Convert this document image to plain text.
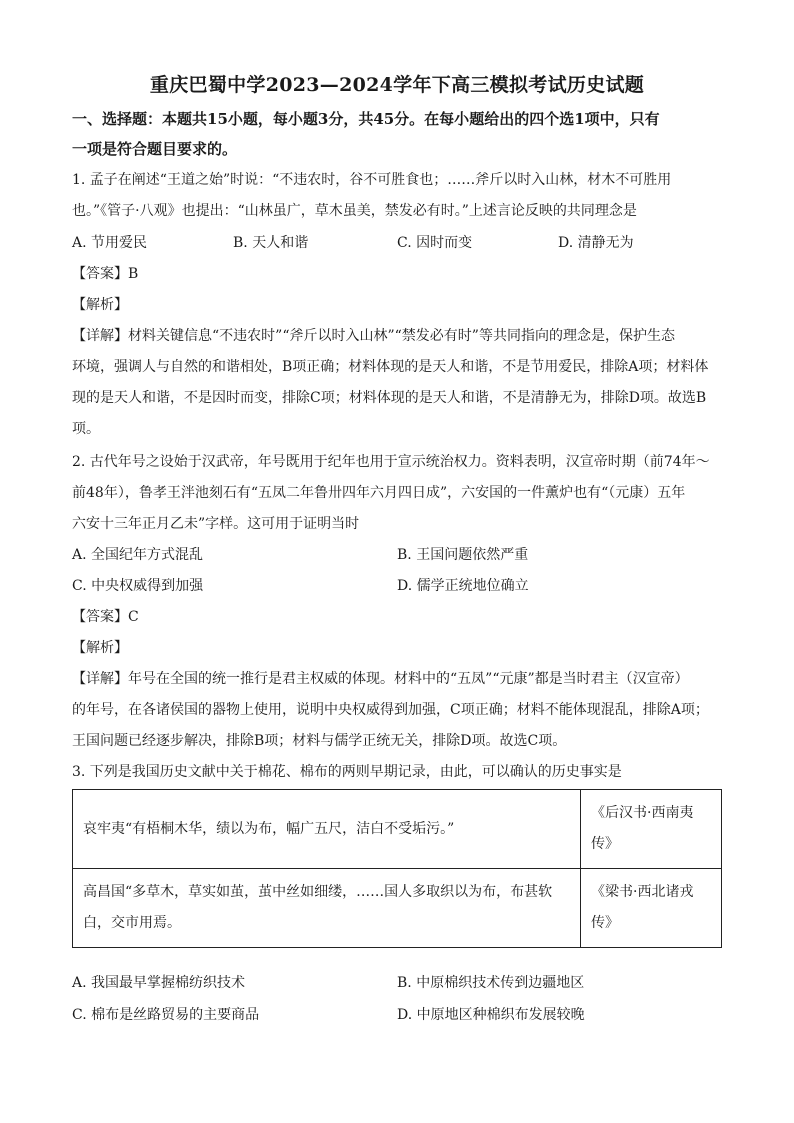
重庆巴蜀中学2023—2024学年下高三模拟考试历史试题
一、选择题：本题共15小题，每小题3分，共45分。在每小题给出的四个选1项中，只有
一项是符合题目要求的。
1. 孟子在阐述“王道之始”时说：“不违农时，谷不可胜食也；……斧斤以时入山林，材木不可胜用
也。”《管子·八观》也提出：“山林虽广，草木虽美，禁发必有时。”上述言论反映的共同理念是
A. 节用爱民	B. 天人和谐	C. 因时而变	D. 清静无为
【答案】B
【解析】
【详解】材料关键信息“不违农时”“斧斤以时入山林”“禁发必有时”等共同指向的理念是，保护生态
环境，强调人与自然的和谐相处，B项正确；材料体现的是天人和谐，不是节用爱民，排除A项；材料体
现的是天人和谐，不是因时而变，排除C项；材料体现的是天人和谐，不是清静无为，排除D项。故选B
项。
2. 古代年号之设始于汉武帝，年号既用于纪年也用于宣示统治权力。资料表明，汉宣帝时期（前74年～
前48年），鲁孝王泮池刻石有“五凤二年鲁卅四年六月四日成”，六安国的一件薰炉也有“（元康）五年
六安十三年正月乙未”字样。这可用于证明当时
A. 全国纪年方式混乱	B. 王国问题依然严重
C. 中央权威得到加强	D. 儒学正统地位确立
【答案】C
【解析】
【详解】年号在全国的统一推行是君主权威的体现。材料中的“五凤”“元康”都是当时君主（汉宣帝）
的年号，在各诸侯国的器物上使用，说明中央权威得到加强，C项正确；材料不能体现混乱，排除A项；
王国问题已经逐步解决，排除B项；材料与儒学正统无关，排除D项。故选C项。
3. 下列是我国历史文献中关于棉花、棉布的两则早期记录，由此，可以确认的历史事实是
哀牢夷“有梧桐木华，绩以为布，幅广五尺，洁白不受垢污。”	《后汉书·西南夷传》
高昌国“多草木，草实如茧，茧中丝如细缕，……国人多取织以为布，布甚软白，交市用焉。	《梁书·西北诸戎传》
A. 我国最早掌握棉纺织技术	B. 中原棉织技术传到边疆地区
C. 棉布是丝路贸易的主要商品	D. 中原地区种棉织布发展较晚
